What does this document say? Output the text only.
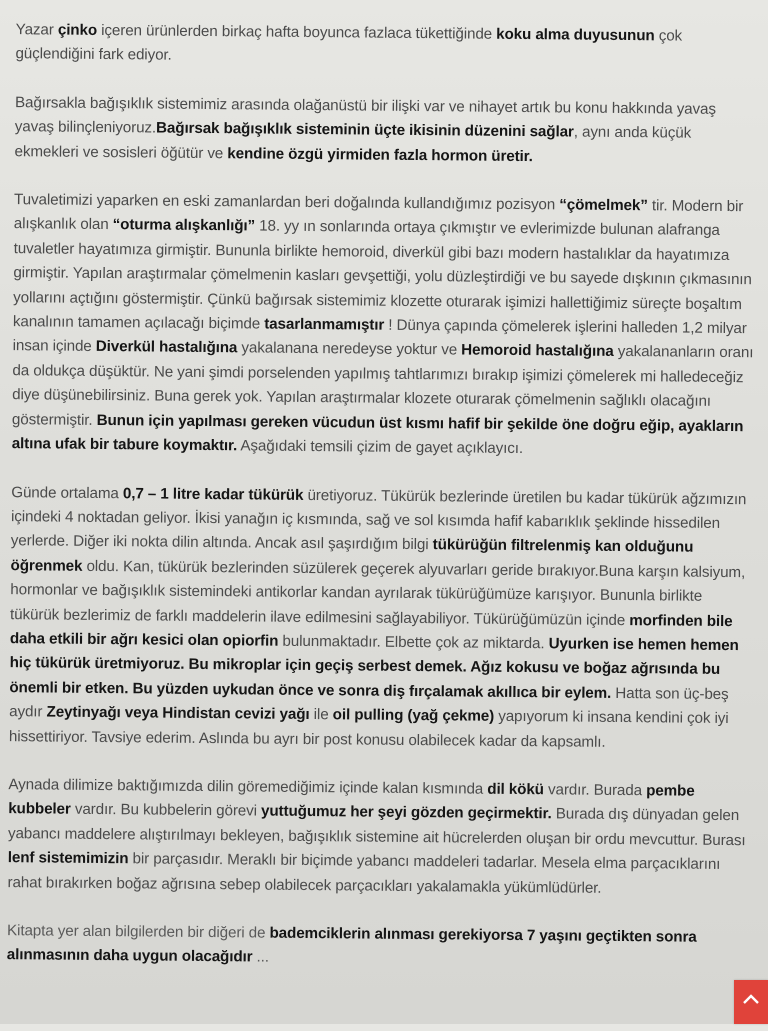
Yazar çinko içeren ürünlerden birkaç hafta boyunca fazlaca tükettiğinde koku alma duyusunun çok güçlendiğini fark ediyor.

Bağırsakla bağışıklık sistemimiz arasında olağanüstü bir ilişki var ve nihayet artık bu konu hakkında yavaş yavaş bilinçleniyoruz.Bağırsak bağışıklık sisteminin üçte ikisinin düzenini sağlar, aynı anda küçük ekmekleri ve sosisleri öğütür ve kendine özgü yirmiden fazla hormon üretir.

Tuvaletimizi yaparken en eski zamanlardan beri doğalında kullandığımız pozisyon “çömelmek” tir. Modern bir alışkanlık olan “oturma alışkanlığı” 18. yy ın sonlarında ortaya çıkmıştır ve evlerimizde bulunan alafranga tuvaletler hayatımıza girmiştir. Bununla birlikte hemoroid, diverkül gibi bazı modern hastalıklar da hayatımıza girmiştir. Yapılan araştırmalar çömelmenin kasları gevşettiği, yolu düzleştirdiği ve bu sayede dışkının çıkmasının yollarını açtığını göstermiştir. Çünkü bağırsak sistemimiz klozette oturarak işimizi hallettiğimiz süreçte boşaltım kanalının tamamen açılacağı biçimde tasarlanmamıştır ! Dünya çapında çömelerek işlerini halleden 1,2 milyar insan içinde Diverkül hastalığına yakalanana neredeyse yoktur ve Hemoroid hastalığına yakalananların oranı da oldukça düşüktür. Ne yani şimdi porselenden yapılmış tahtlarımızı bırakıp işimizi çömelerek mi halledeceğiz diye düşünebilirsiniz. Buna gerek yok. Yapılan araştırmalar klozete oturarak çömelmenin sağlıklı olacağını göstermiştir. Bunun için yapılması gereken vücudun üst kısmı hafif bir şekilde öne doğru eğip, ayakların altına ufak bir tabure koymaktır. Aşağıdaki temsili çizim de gayet açıklayıcı.

Günde ortalama 0,7 – 1 litre kadar tükürük üretiyoruz. Tükürük bezlerinde üretilen bu kadar tükürük ağzımızın içindeki 4 noktadan geliyor. İkisi yanağın iç kısmında, sağ ve sol kısımda hafif kabarıklık şeklinde hissedilen yerlerde. Diğer iki nokta dilin altında. Ancak asıl şaşırdığım bilgi tükürüğün filtrelenmiş kan olduğunu öğrenmek oldu. Kan, tükürük bezlerinden süzülerek geçerek alyuvarları geride bırakıyor.Buna karşın kalsiyum, hormonlar ve bağışıklık sistemindeki antikorlar kandan ayrılarak tükürüğümüze karışıyor. Bununla birlikte tükürük bezlerimiz de farklı maddelerin ilave edilmesini sağlayabiliyor. Tükürüğümüzün içinde morfinden bile daha etkili bir ağrı kesici olan opiorfin bulunmaktadır. Elbette çok az miktarda. Uyurken ise hemen hemen hiç tükürük üretmiyoruz. Bu mikroplar için geçiş serbest demek. Ağız kokusu ve boğaz ağrısında bu önemli bir etken. Bu yüzden uykudan önce ve sonra diş fırçalamak akıllıca bir eylem. Hatta son üç-beş aydır Zeytinyağı veya Hindistan cevizi yağı ile oil pulling (yağ çekme) yapıyorum ki insana kendini çok iyi hissettiriyor. Tavsiye ederim. Aslında bu ayrı bir post konusu olabilecek kadar da kapsamlı.

Aynada dilimize baktığımızda dilin göremediğimiz içinde kalan kısmında dil kökü vardır. Burada pembe kubbeler vardır. Bu kubbelerin görevi yuttuğumuz her şeyi gözden geçirmektir. Burada dış dünyadan gelen yabancı maddelere alıştırılmayı bekleyen, bağışıklık sistemine ait hücrelerden oluşan bir ordu mevcuttur. Burası lenf sistemimizin bir parçasıdır. Meraklı bir biçimde yabancı maddeleri tadarlar. Mesela elma parçacıklarını rahat bırakırken boğaz ağrısına sebep olabilecek parçacıkları yakalamakla yükümlüdürler.

Kitapta yer alan bilgilerden bir diğeri de bademciklerin alınması gerekiyorsa 7 yaşını geçtikten sonra alınmasının daha uygun olacağıdır ...
